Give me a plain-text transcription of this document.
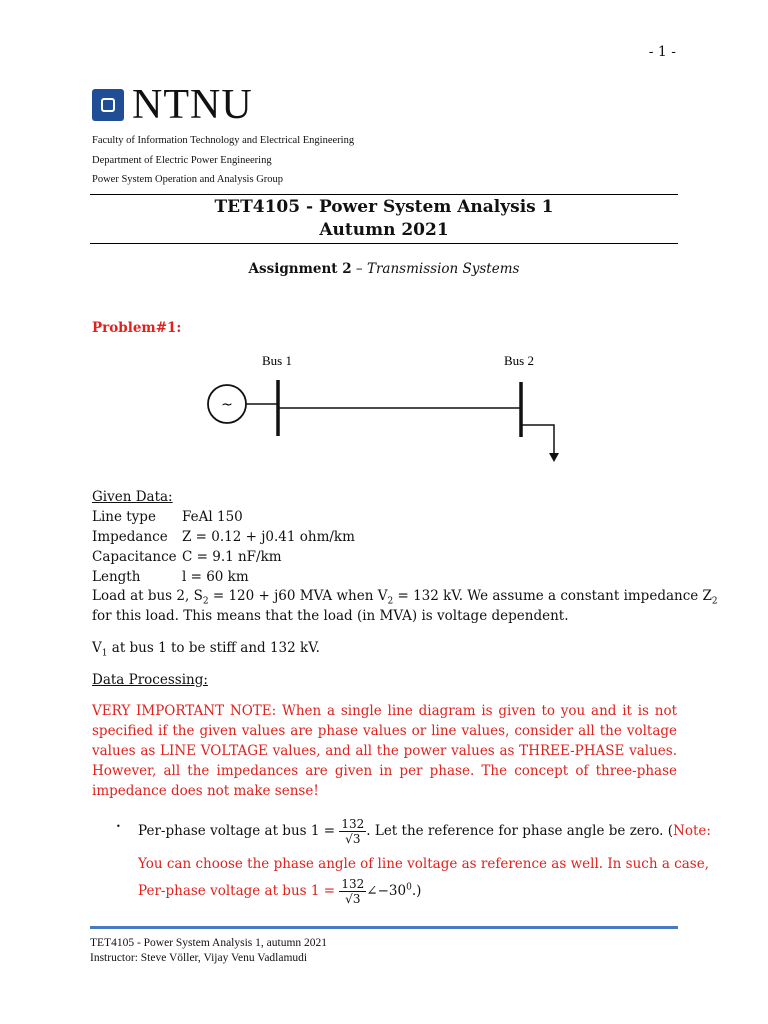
- 1 -
NTNU
Faculty of Information Technology and Electrical Engineering
Department of Electric Power Engineering
Power System Operation and Analysis Group
TET4105 - Power System Analysis 1
Autumn 2021
Assignment 2 – Transmission Systems
Problem#1:
Bus 1	Bus 2
~
Given Data:
Line type FeAl 150
Impedance Z = 0.12 + j0.41 ohm/km
Capacitance C = 9.1 nF/km
Length	l = 60 km
Load at bus 2, $S_2 = 120 + j60$ MVA when $V_2 = 132$ kV. We assume a constant impedance $Z_2$
for this load. This means that the load (in MVA) is voltage dependent.
$V_1$ at bus 1 to be stiff and 132 kV.
Data Processing:
VERY IMPORTANT NOTE: When a single line diagram is given to you and it is not specified if the given values are phase values or line values, consider all the voltage values as LINE VOLTAGE values, and all the power values as THREE-PHASE values. However, all the impedances are given in per phase. The concept of three-phase impedance does not make sense!
• Per-phase voltage at bus $1 = \frac{132}{√3}$ . Let the reference for phase angle be zero. (Note:
You can choose the phase angle of line voltage as reference as well. In such a case,
Per-phase voltage at bus $1 = \frac{132}{√3}$ $\angle-30^0$.)
TET4105 - Power System Analysis 1, autumn 2021
Instructor: Steve Völler, Vijay Venu Vadlamudi
